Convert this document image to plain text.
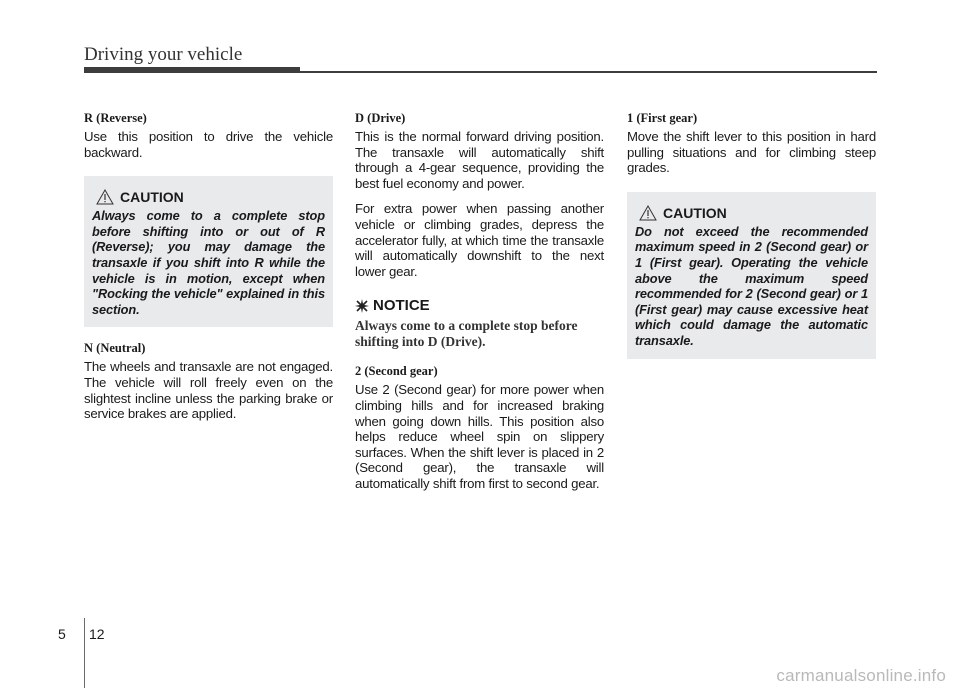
Driving your vehicle

R (Reverse)

Use this position to drive the vehicle backward.

CAUTION
Always come to a complete stop before shifting into or out of R (Reverse); you may damage the transaxle if you shift into R while the vehicle is in motion, except when "Rocking the vehicle" explained in this section.

N (Neutral)

The wheels and transaxle are not engaged. The vehicle will roll freely even on the slightest incline unless the parking brake or service brakes are applied.

D (Drive)

This is the normal forward driving position. The transaxle will automatically shift through a 4-gear sequence, providing the best fuel economy and power.

For extra power when passing another vehicle or climbing grades, depress the accelerator fully, at which time the transaxle will automatically downshift to the next lower gear.

NOTICE

Always come to a complete stop before shifting into D (Drive).

2 (Second gear)

Use 2 (Second gear) for more power when climbing hills and for increased braking when going down hills. This position also helps reduce wheel spin on slippery surfaces. When the shift lever is placed in 2 (Second gear), the transaxle will automatically shift from first to second gear.

1 (First gear)

Move the shift lever to this position in hard pulling situations and for climbing steep grades.

CAUTION
Do not exceed the recommended maximum speed in 2 (Second gear) or 1 (First gear). Operating the vehicle above the maximum speed recommended for 2 (Second gear) or 1 (First gear) may cause excessive heat which could damage the automatic transaxle.
5 12
carmanualsonline.info
